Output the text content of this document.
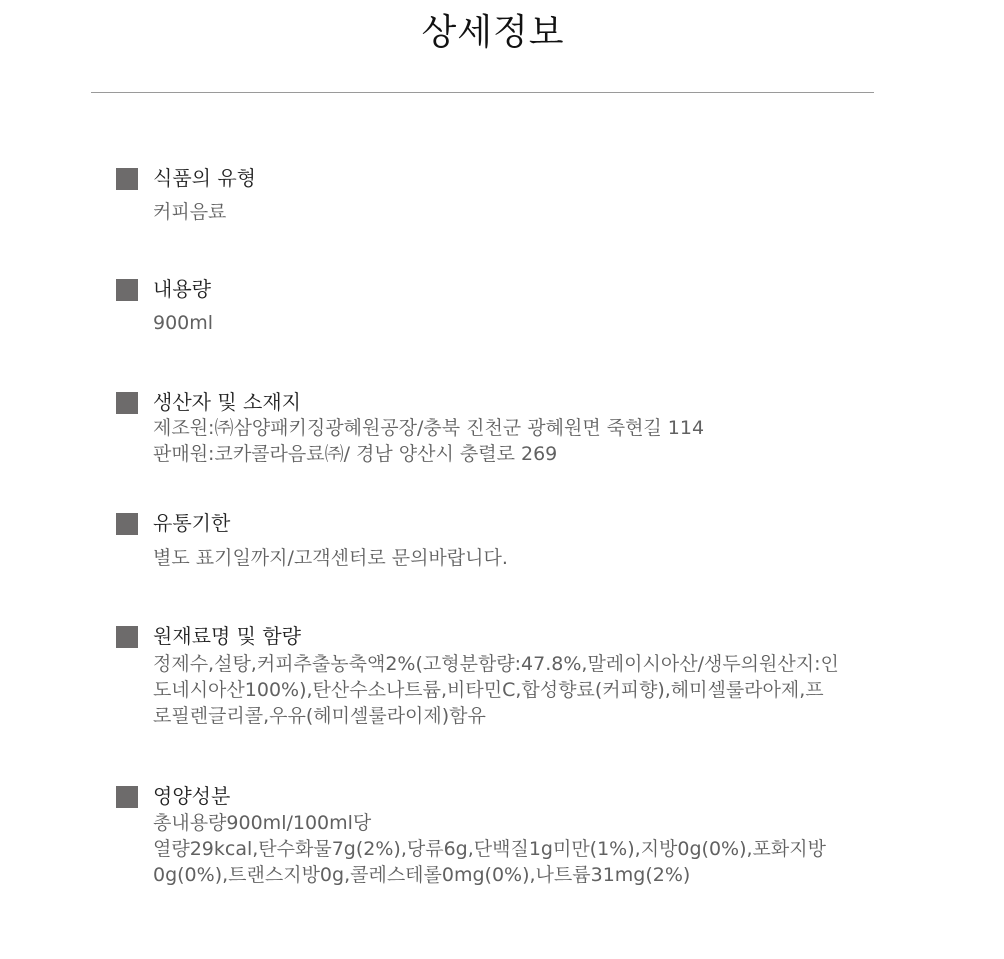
상세정보
식품의 유형
커피음료
내용량
900ml
생산자 및 소재지
제조원:㈜삼양패키징광혜원공장/충북 진천군 광혜원면 죽현길 114
판매원:코카콜라음료㈜/ 경남 양산시 충렬로 269
유통기한
별도 표기일까지/고객센터로 문의바랍니다.
원재료명 및 함량
정제수,설탕,커피추출농축액2%(고형분함량:47.8%,말레이시아산/생두의원산지:인
도네시아산100%),탄산수소나트륨,비타민C,합성향료(커피향),헤미셀룰라아제,프
로필렌글리콜,우유(헤미셀룰라이제)함유
영양성분
총내용량900ml/100ml당
열량29kcal,탄수화물7g(2%),당류6g,단백질1g미만(1%),지방0g(0%),포화지방
0g(0%),트랜스지방0g,콜레스테롤0mg(0%),나트륨31mg(2%)
